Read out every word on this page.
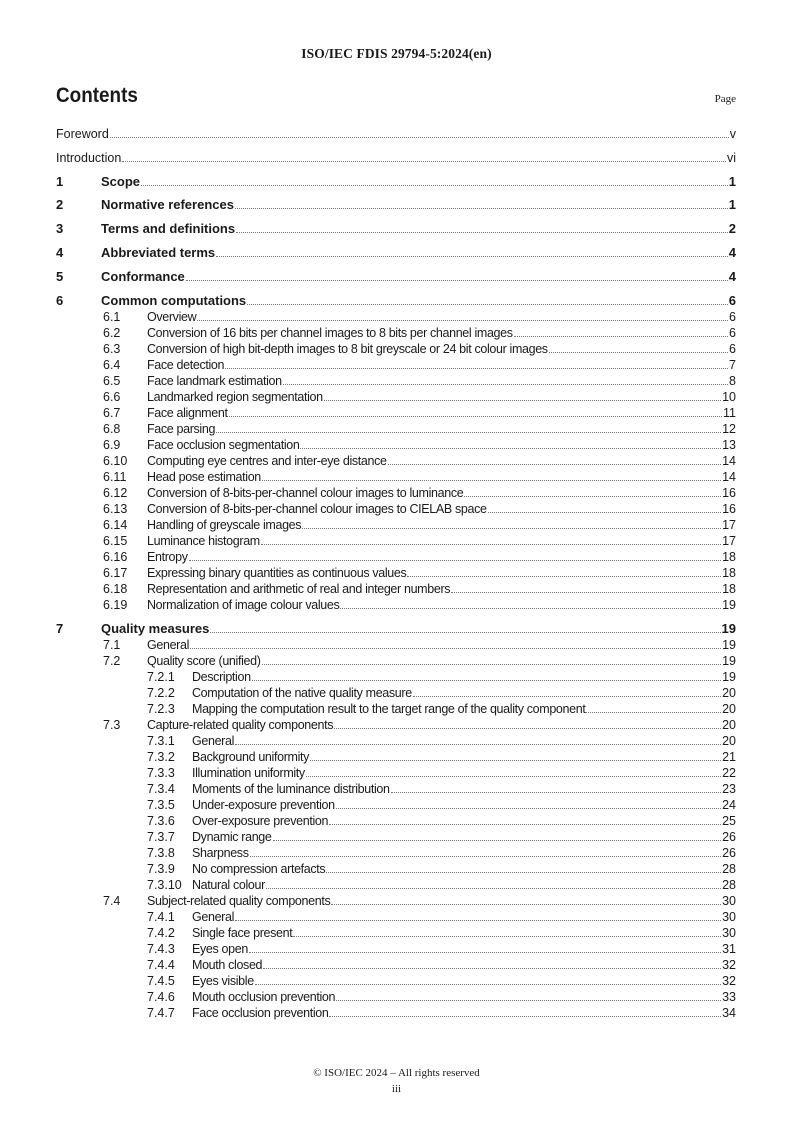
ISO/IEC FDIS 29794-5:2024(en)
Contents	Page
Foreword	v
Introduction	vi
1	Scope	1
2	Normative references	1
3	Terms and definitions	2
4	Abbreviated terms	4
5	Conformance	4
6	Common computations	6
6.1	Overview	6
6.2	Conversion of 16 bits per channel images to 8 bits per channel images	6
6.3	Conversion of high bit-depth images to 8 bit greyscale or 24 bit colour images	6
6.4	Face detection	7
6.5	Face landmark estimation	8
6.6	Landmarked region segmentation	10
6.7	Face alignment	11
6.8	Face parsing	12
6.9	Face occlusion segmentation	13
6.10	Computing eye centres and inter-eye distance	14
6.11	Head pose estimation	14
6.12	Conversion of 8-bits-per-channel colour images to luminance	16
6.13	Conversion of 8-bits-per-channel colour images to CIELAB space	16
6.14	Handling of greyscale images	17
6.15	Luminance histogram	17
6.16	Entropy	18
6.17	Expressing binary quantities as continuous values	18
6.18	Representation and arithmetic of real and integer numbers	18
6.19	Normalization of image colour values	19
7	Quality measures	19
7.1	General	19
7.2	Quality score (unified)	19
7.2.1	Description	19
7.2.2	Computation of the native quality measure	20
7.2.3	Mapping the computation result to the target range of the quality component	20
7.3	Capture-related quality components	20
7.3.1	General	20
7.3.2	Background uniformity	21
7.3.3	Illumination uniformity	22
7.3.4	Moments of the luminance distribution	23
7.3.5	Under-exposure prevention	24
7.3.6	Over-exposure prevention	25
7.3.7	Dynamic range	26
7.3.8	Sharpness	26
7.3.9	No compression artefacts	28
7.3.10 Natural colour	28
7.4	Subject-related quality components	30
7.4.1	General	30
7.4.2	Single face present	30
7.4.3	Eyes open	31
7.4.4	Mouth closed	32
7.4.5	Eyes visible	32
7.4.6	Mouth occlusion prevention	33
7.4.7	Face occlusion prevention	34
© ISO/IEC 2024 – All rights reserved
iii
